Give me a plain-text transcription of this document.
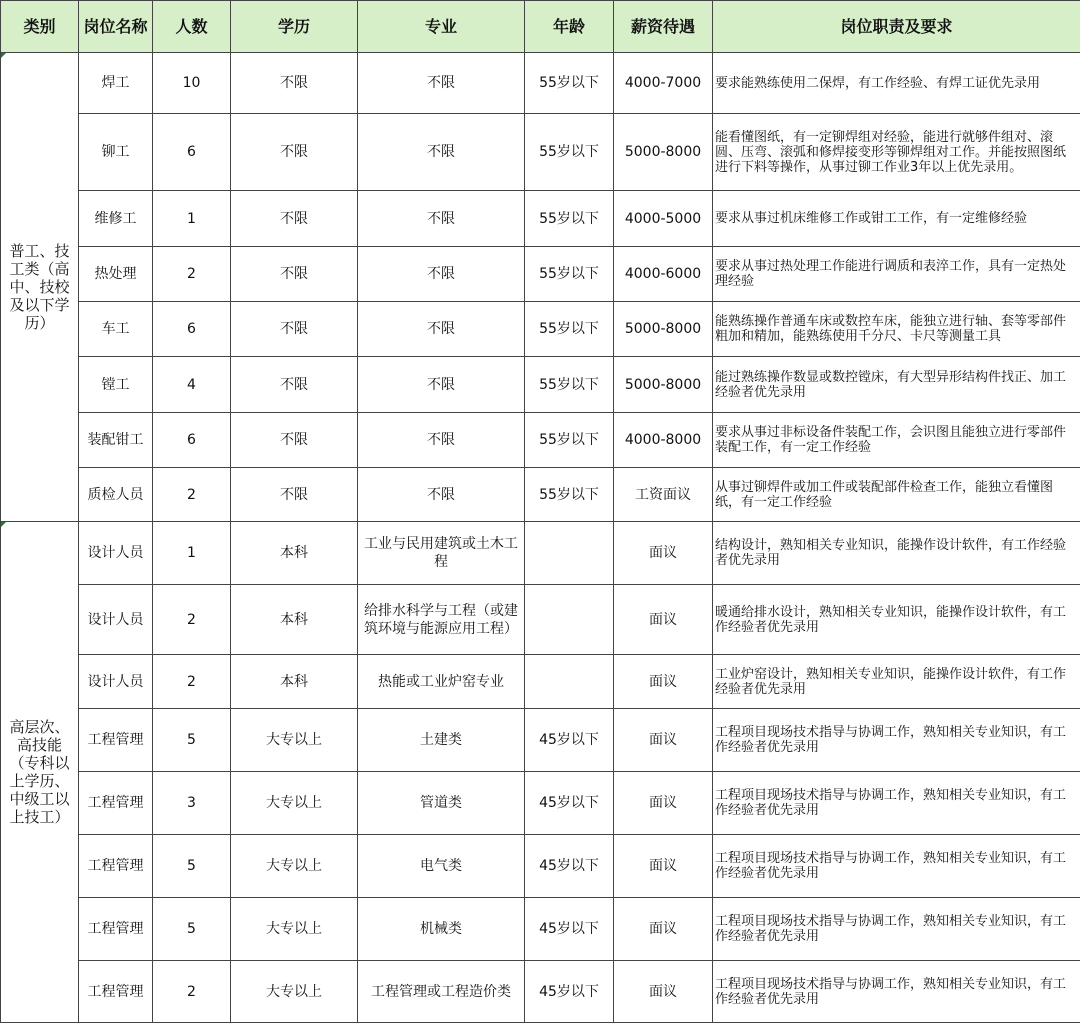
类别	岗位名称	人数	学历	专业	年龄	薪资待遇	岗位职责及要求
普工、技工类（高中、技校及以下学历）	焊工	10	不限	不限	55岁以下	4000-7000	要求能熟练使用二保焊，有工作经验、有焊工证优先录用
	铆工	6	不限	不限	55岁以下	5000-8000	能看懂图纸，有一定铆焊组对经验，能进行就够件组对、滚圆、压弯、滚弧和修焊接变形等铆焊组对工作。并能按照图纸进行下料等操作，从事过铆工作业3年以上优先录用。
	维修工	1	不限	不限	55岁以下	4000-5000	要求从事过机床维修工作或钳工工作，有一定维修经验
	热处理	2	不限	不限	55岁以下	4000-6000	要求从事过热处理工作能进行调质和表淬工作，具有一定热处理经验
	车工	6	不限	不限	55岁以下	5000-8000	能熟练操作普通车床或数控车床，能独立进行轴、套等零部件粗加和精加，能熟练使用千分尺、卡尺等测量工具
	镗工	4	不限	不限	55岁以下	5000-8000	能过熟练操作数显或数控镗床，有大型异形结构件找正、加工经验者优先录用
	装配钳工	6	不限	不限	55岁以下	4000-8000	要求从事过非标设备件装配工作，会识图且能独立进行零部件装配工作，有一定工作经验
	质检人员	2	不限	不限	55岁以下	工资面议	从事过铆焊件或加工件或装配部件检查工作，能独立看懂图纸，有一定工作经验
高层次、高技能（专科以上学历、中级工以上技工）	设计人员	1	本科	工业与民用建筑或土木工程		面议	结构设计，熟知相关专业知识，能操作设计软件，有工作经验者优先录用
	设计人员	2	本科	给排水科学与工程（或建筑环境与能源应用工程）		面议	暖通给排水设计，熟知相关专业知识，能操作设计软件，有工作经验者优先录用
	设计人员	2	本科	热能或工业炉窑专业		面议	工业炉窑设计，熟知相关专业知识，能操作设计软件，有工作经验者优先录用
	工程管理	5	大专以上	土建类	45岁以下	面议	工程项目现场技术指导与协调工作，熟知相关专业知识，有工作经验者优先录用
	工程管理	3	大专以上	管道类	45岁以下	面议	工程项目现场技术指导与协调工作，熟知相关专业知识，有工作经验者优先录用
	工程管理	5	大专以上	电气类	45岁以下	面议	工程项目现场技术指导与协调工作，熟知相关专业知识，有工作经验者优先录用
	工程管理	5	大专以上	机械类	45岁以下	面议	工程项目现场技术指导与协调工作，熟知相关专业知识，有工作经验者优先录用
	工程管理	2	大专以上	工程管理或工程造价类	45岁以下	面议	工程项目现场技术指导与协调工作，熟知相关专业知识，有工作经验者优先录用
